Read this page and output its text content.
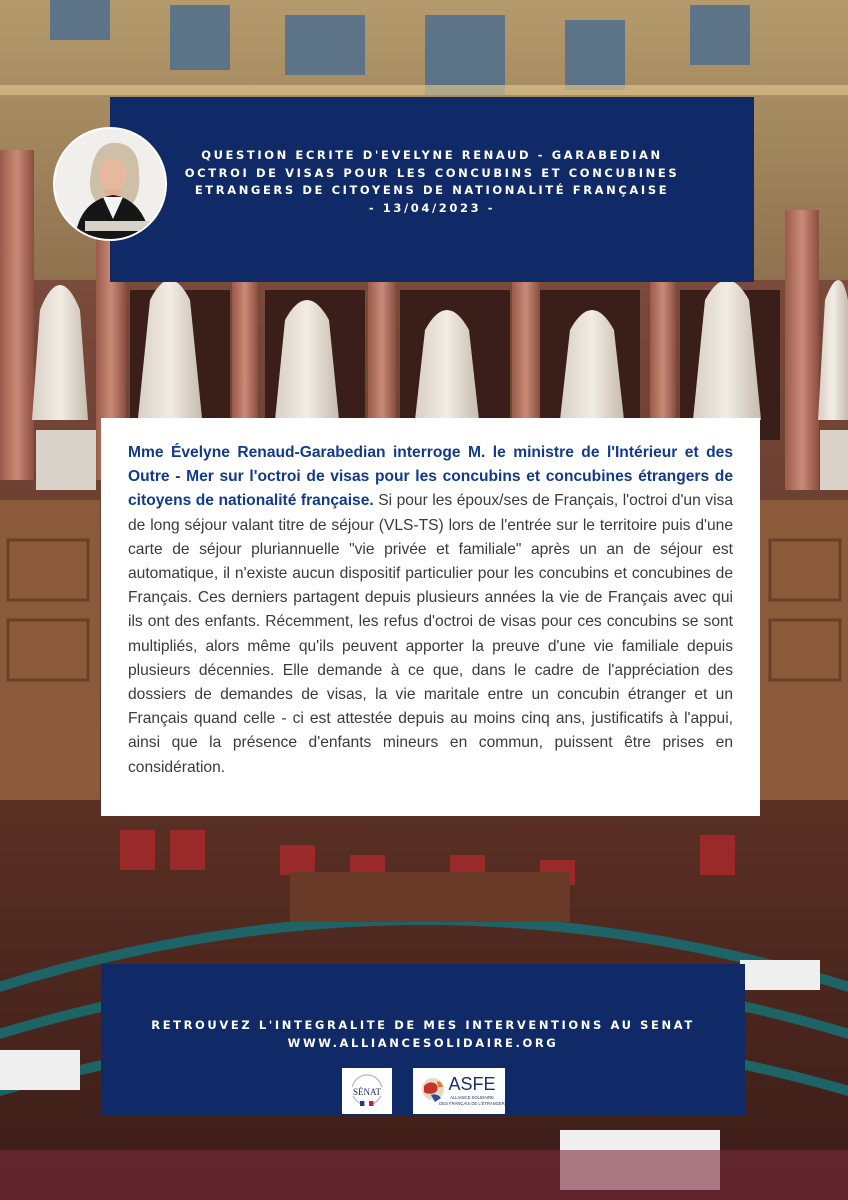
QUESTION ECRITE D'EVELYNE RENAUD - GARABEDIAN
OCTROI DE VISAS POUR LES CONCUBINS ET CONCUBINES
ETRANGERS DE CITOYENS DE NATIONALITÉ FRANÇAISE
- 13/04/2023 -

Mme Évelyne Renaud-Garabedian interroge M. le ministre de l'Intérieur et des Outre - Mer sur l'octroi de visas pour les concubins et concubines étrangers de citoyens de nationalité française. Si pour les époux/ses de Français, l'octroi d'un visa de long séjour valant titre de séjour (VLS-TS) lors de l'entrée sur le territoire puis d'une carte de séjour pluriannuelle "vie privée et familiale" après un an de séjour est automatique, il n'existe aucun dispositif particulier pour les concubins et concubines de Français. Ces derniers partagent depuis plusieurs années la vie de Français avec qui ils ont des enfants. Récemment, les refus d'octroi de visas pour ces concubins se sont multipliés, alors même qu'ils peuvent apporter la preuve d'une vie familiale depuis plusieurs décennies. Elle demande à ce que, dans le cadre de l'appréciation des dossiers de demandes de visas, la vie maritale entre un concubin étranger et un Français quand celle - ci est attestée depuis au moins cinq ans, justificatifs à l'appui, ainsi que la présence d'enfants mineurs en commun, puissent être prises en considération.

RETROUVEZ L'INTEGRALITE DE MES INTERVENTIONS AU SENAT
WWW.ALLIANCESOLIDAIRE.ORG
SÉNAT	ASFE
ALLIANCE SOLIDAIRE
DES FRANÇAIS DE L'ÉTRANGER
